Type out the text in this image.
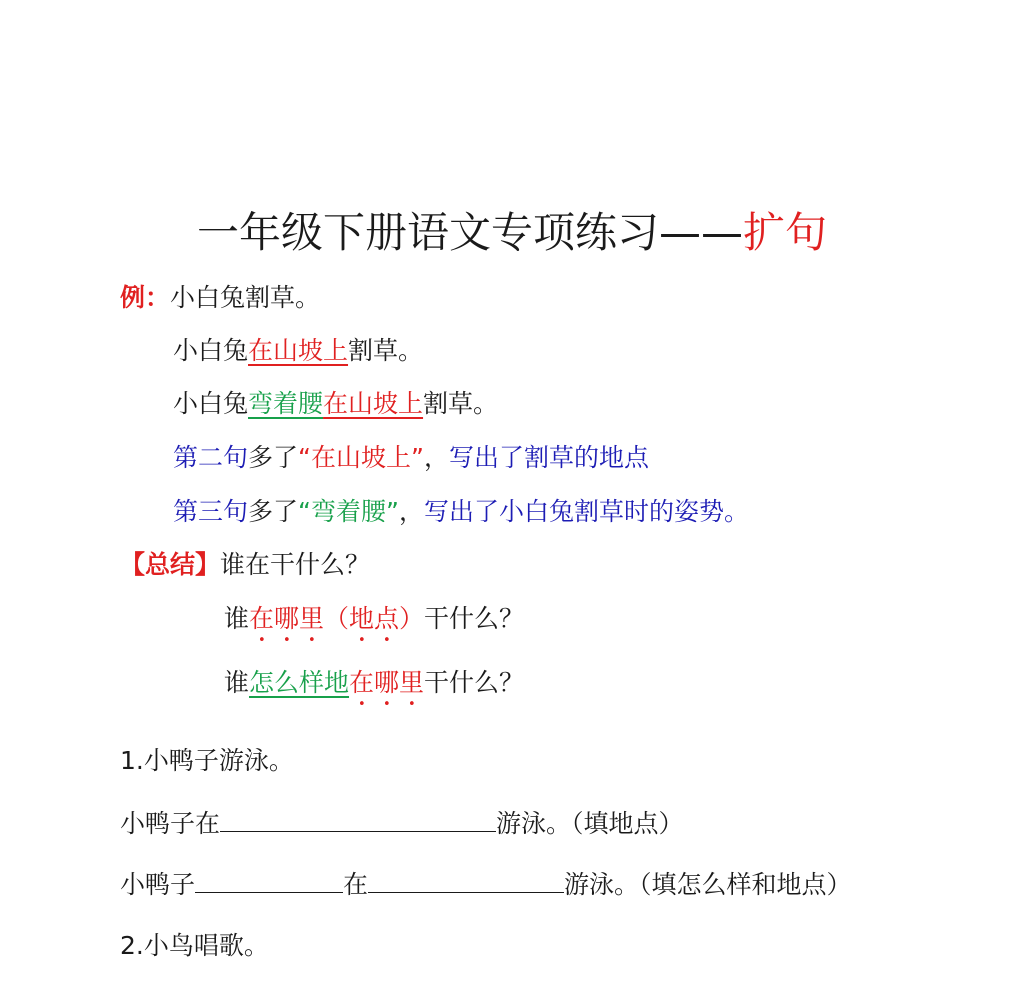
一年级下册语文专项练习——扩句
例：小白兔割草。
小白兔在山坡上割草。
小白兔弯着腰在山坡上割草。
第二句多了“在山坡上”，写出了割草的地点
第三句多了“弯着腰”，写出了小白兔割草时的姿势。
【总结】谁在干什么？
谁在哪里（地点）干什么？
谁怎么样地在哪里干什么？
1.小鸭子游泳。
小鸭子在	游泳。（填地点）
小鸭子	在	游泳。（填怎么样和地点）
2.小鸟唱歌。
